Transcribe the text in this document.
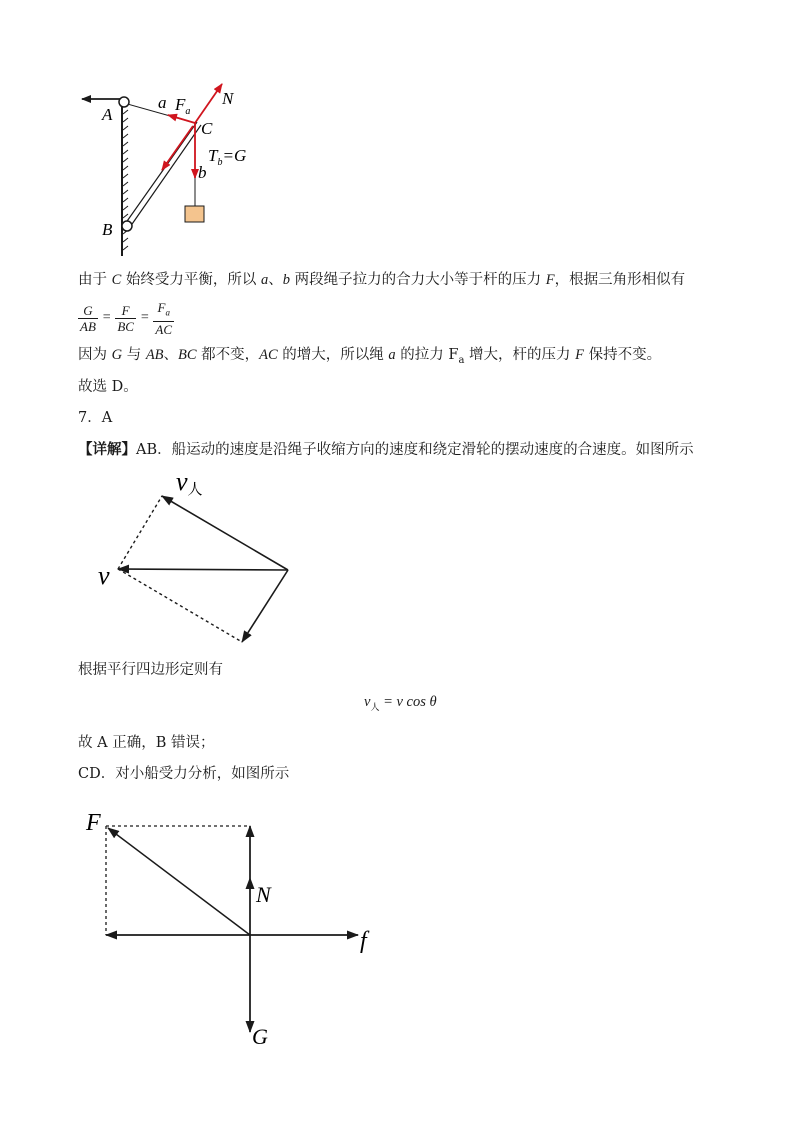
A
B
C
N
a $F_a$
$T_b=G$
b
由于 C 始终受力平衡，所以 a、b 两段绳子拉力的合力大小等于杆的压力 F，根据三角形相似有
$\frac{G}{AB} = \frac{F}{BC} = \frac{F_a}{AC}$
因为 G 与 AB、BC 都不变，AC 的增大，所以绳 a 的拉力 $F_a$ 增大，杆的压力 F 保持不变。
故选 D。
7．A
【详解】AB．船运动的速度是沿绳子收缩方向的速度和绕定滑轮的摆动速度的合速度。如图所示
v人
v
根据平行四边形定则有
$v_人 = v$ cos θ
故 A 正确，B 错误；
CD．对小船受力分析，如图所示
F
N
f
G
